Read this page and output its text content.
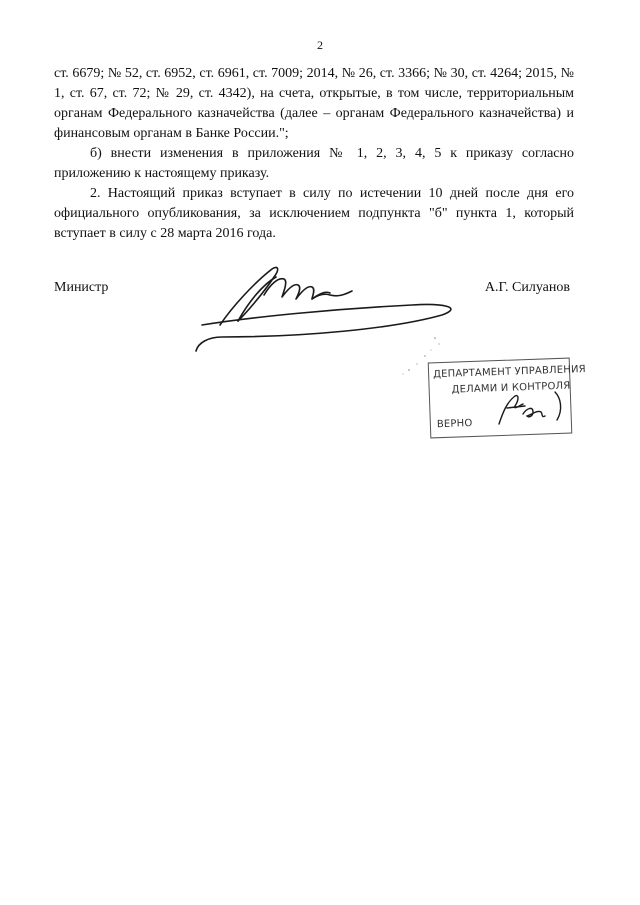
2

ст. 6679; № 52, ст. 6952, ст. 6961, ст. 7009; 2014, № 26, ст. 3366; № 30, ст. 4264; 2015, № 1, ст. 67, ст. 72; № 29, ст. 4342), на счета, открытые, в том числе, территориальным органам Федерального казначейства (далее – органам Федерального казначейства) и финансовым органам в Банке России.";

б) внести изменения в приложения № 1, 2, 3, 4, 5 к приказу согласно приложению к настоящему приказу.

2. Настоящий приказ вступает в силу по истечении 10 дней после дня его официального опубликования, за исключением подпункта "б" пункта 1, который вступает в силу с 28 марта 2016 года.

Министр	А.Г. Силуанов
ДЕПАРТАМЕНТ УПРАВЛЕНИЯ
ДЕЛАМИ И КОНТРОЛЯ
ВЕРНО
